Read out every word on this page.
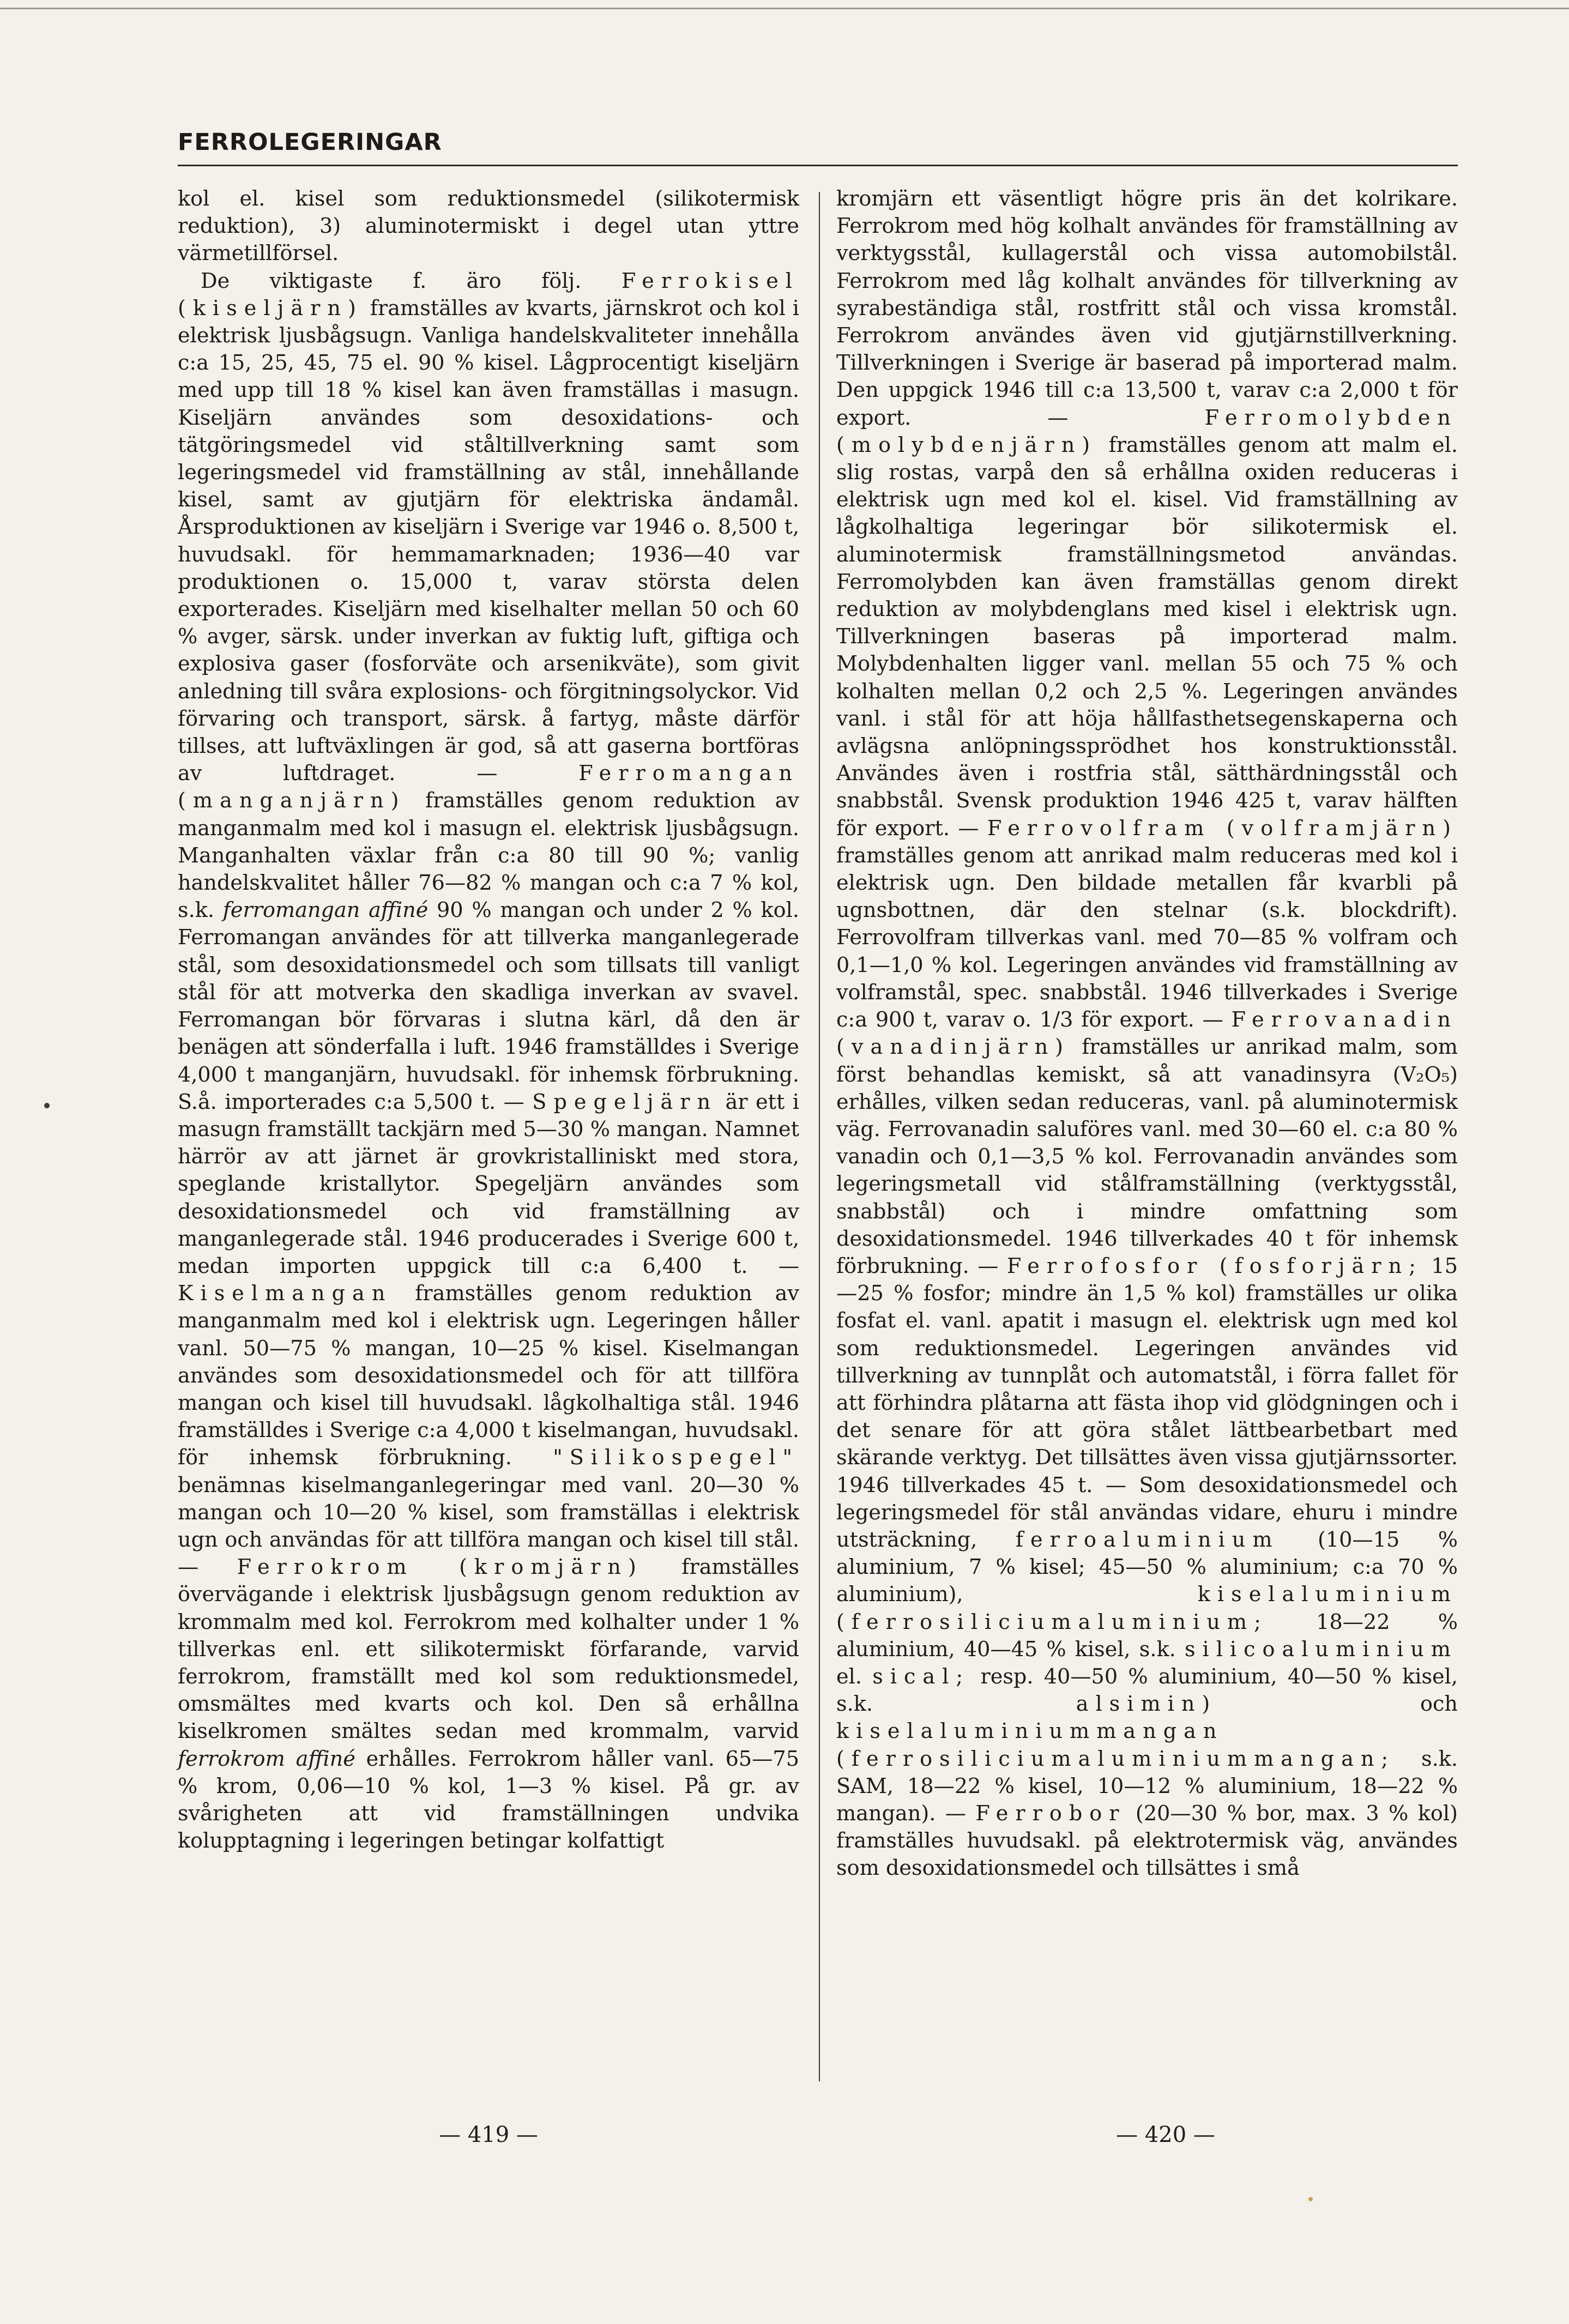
FERROLEGERINGAR

kol el. kisel som reduktionsmedel (silikotermisk reduktion), 3) aluminotermiskt i degel utan yttre värmetillförsel.

De viktigaste f. äro följ. Ferrokisel (kiseljärn) framställes av kvarts, järnskrot och kol i elektrisk ljusbågsugn. Vanliga handelskvaliteter innehålla c:a 15, 25, 45, 75 el. 90 % kisel. Lågprocentigt kiseljärn med upp till 18 % kisel kan även framställas i masugn. Kiseljärn användes som desoxidations- och tätgöringsmedel vid ståltillverkning samt som legeringsmedel vid framställning av stål, innehållande kisel, samt av gjutjärn för elektriska ändamål. Årsproduktionen av kiseljärn i Sverige var 1946 o. 8,500 t, huvudsakl. för hemmamarknaden; 1936—40 var produktionen o. 15,000 t, varav största delen exporterades. Kiseljärn med kiselhalter mellan 50 och 60 % avger, särsk. under inverkan av fuktig luft, giftiga och explosiva gaser (fosforväte och arsenikväte), som givit anledning till svåra explosions- och förgitningsolyckor. Vid förvaring och transport, särsk. å fartyg, måste därför tillses, att luftväxlingen är god, så att gaserna bortföras av luftdraget. — Ferromangan (manganjärn) framställes genom reduktion av manganmalm med kol i masugn el. elektrisk ljusbågsugn. Manganhalten växlar från c:a 80 till 90 %; vanlig handelskvalitet håller 76—82 % mangan och c:a 7 % kol, s.k. ferromangan affiné 90 % mangan och under 2 % kol. Ferromangan användes för att tillverka manganlegerade stål, som desoxidationsmedel och som tillsats till vanligt stål för att motverka den skadliga inverkan av svavel. Ferromangan bör förvaras i slutna kärl, då den är benägen att sönderfalla i luft. 1946 framställdes i Sverige 4,000 t manganjärn, huvudsakl. för inhemsk förbrukning. S.å. importerades c:a 5,500 t. — Spegeljärn är ett i masugn framställt tackjärn med 5—30 % mangan. Namnet härrör av att järnet är grovkristalliniskt med stora, speglande kristallytor. Spegeljärn användes som desoxidationsmedel och vid framställning av manganlegerade stål. 1946 producerades i Sverige 600 t, medan importen uppgick till c:a 6,400 t. — Kiselmangan framställes genom reduktion av manganmalm med kol i elektrisk ugn. Legeringen håller vanl. 50—75 % mangan, 10—25 % kisel. Kiselmangan användes som desoxidationsmedel och för att tillföra mangan och kisel till huvudsakl. lågkolhaltiga stål. 1946 framställdes i Sverige c:a 4,000 t kiselmangan, huvudsakl. för inhemsk förbrukning. "Silikospegel" benämnas kiselmanganlegeringar med vanl. 20—30 % mangan och 10—20 % kisel, som framställas i elektrisk ugn och användas för att tillföra mangan och kisel till stål. — Ferrokrom (kromjärn) framställes övervägande i elektrisk ljusbågsugn genom reduktion av krommalm med kol. Ferrokrom med kolhalter under 1 % tillverkas enl. ett silikotermiskt förfarande, varvid ferrokrom, framställt med kol som reduktionsmedel, omsmältes med kvarts och kol. Den så erhållna kiselkromen smältes sedan med krommalm, varvid ferrokrom affiné erhålles. Ferrokrom håller vanl. 65—75 % krom, 0,06—10 % kol, 1—3 % kisel. På gr. av svårigheten att vid framställningen undvika kolupptagning i legeringen betingar kolfattigt

kromjärn ett väsentligt högre pris än det kolrikare. Ferrokrom med hög kolhalt användes för framställning av verktygsstål, kullagerstål och vissa automobilstål. Ferrokrom med låg kolhalt användes för tillverkning av syrabeständiga stål, rostfritt stål och vissa kromstål. Ferrokrom användes även vid gjutjärnstillverkning. Tillverkningen i Sverige är baserad på importerad malm. Den uppgick 1946 till c:a 13,500 t, varav c:a 2,000 t för export. — Ferromolybden (molybdenjärn) framställes genom att malm el. slig rostas, varpå den så erhållna oxiden reduceras i elektrisk ugn med kol el. kisel. Vid framställning av lågkolhaltiga legeringar bör silikotermisk el. aluminotermisk framställningsmetod användas. Ferromolybden kan även framställas genom direkt reduktion av molybdenglans med kisel i elektrisk ugn. Tillverkningen baseras på importerad malm. Molybdenhalten ligger vanl. mellan 55 och 75 % och kolhalten mellan 0,2 och 2,5 %. Legeringen användes vanl. i stål för att höja hållfasthetsegenskaperna och avlägsna anlöpningssprödhet hos konstruktionsstål. Användes även i rostfria stål, sätthärdningsstål och snabbstål. Svensk produktion 1946 425 t, varav hälften för export. — Ferrovolfram (volframjärn) framställes genom att anrikad malm reduceras med kol i elektrisk ugn. Den bildade metallen får kvarbli på ugnsbottnen, där den stelnar (s.k. blockdrift). Ferrovolfram tillverkas vanl. med 70—85 % volfram och 0,1—1,0 % kol. Legeringen användes vid framställning av volframstål, spec. snabbstål. 1946 tillverkades i Sverige c:a 900 t, varav o. 1/3 för export. — Ferrovanadin (vanadinjärn) framställes ur anrikad malm, som först behandlas kemiskt, så att vanadinsyra (V₂O₅) erhålles, vilken sedan reduceras, vanl. på aluminotermisk väg. Ferrovanadin saluföres vanl. med 30—60 el. c:a 80 % vanadin och 0,1—3,5 % kol. Ferrovanadin användes som legeringsmetall vid stålframställning (verktygsstål, snabbstål) och i mindre omfattning som desoxidationsmedel. 1946 tillverkades 40 t för inhemsk förbrukning. — Ferrofosfor (fosforjärn; 15—25 % fosfor; mindre än 1,5 % kol) framställes ur olika fosfat el. vanl. apatit i masugn el. elektrisk ugn med kol som reduktionsmedel. Legeringen användes vid tillverkning av tunnplåt och automatstål, i förra fallet för att förhindra plåtarna att fästa ihop vid glödgningen och i det senare för att göra stålet lättbearbetbart med skärande verktyg. Det tillsättes även vissa gjutjärnssorter. 1946 tillverkades 45 t. — Som desoxidationsmedel och legeringsmedel för stål användas vidare, ehuru i mindre utsträckning, ferroaluminium (10—15 % aluminium, 7 % kisel; 45—50 % aluminium; c:a 70 % aluminium), kiselaluminium (ferrosiliciumaluminium; 18—22 % aluminium, 40—45 % kisel, s.k. silicoaluminium el. sical; resp. 40—50 % aluminium, 40—50 % kisel, s.k. alsimin) och kiselaluminiummangan (ferrosiliciumaluminiummangan; s.k. SAM, 18—22 % kisel, 10—12 % aluminium, 18—22 % mangan). — Ferrobor (20—30 % bor, max. 3 % kol) framställes huvudsakl. på elektrotermisk väg, användes som desoxidationsmedel och tillsättes i små

— 419 —	— 420 —
